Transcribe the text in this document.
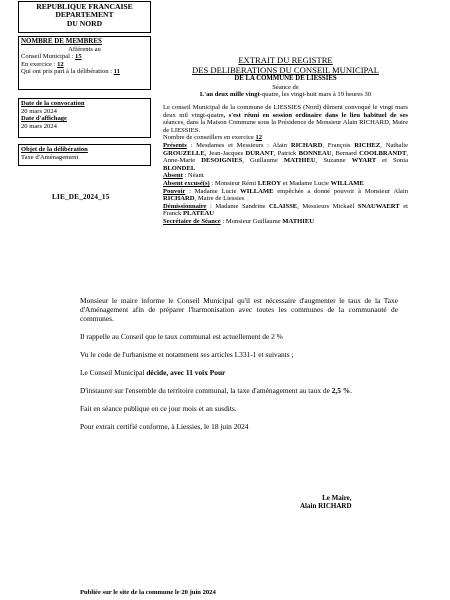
REPUBLIQUE FRANCAISE
DEPARTEMENT
DU NORD
NOMBRE DE MEMBRES
Afférents au
Conseil Municipal : 15
En exercice : 12
Qui ont pris part à la délibération : 11
Date de la convocation
20 mars 2024
Date d'affichage
20 mars 2024
Objet de la délibération
Taxe d'Aménagement
LIE_DE_2024_15
EXTRAIT DU REGISTRE
DES DELIBERATIONS DU CONSEIL MUNICIPAL
DE LA COMMUNE DE LIESSIES
Séance de
L'an deux mille vingt-quatre, les vingt-huit mars à 19 heures 30
Le conseil Municipal de la commune de LIESSIES (Nord) dûment convoqué le vingt mars deux mil vingt-quatre, s'est réuni en session ordinaire dans le lieu habituel de ses séances, dans la Maison Commune sous la Présidence de Monsieur Alain RICHARD, Maire de LIESSIES.
Nombre de conseillers en exercice 12
Présents : Mesdames et Messieurs : Alain RICHARD, François RICHEZ, Nathalie GROUZELLE, Jean-Jacques DURANT, Patrick BONNEAU, Bernard COOLBRANDT, Anne-Marie DESOIGNIES, Guillaume MATHIEU, Suzanne WYART et Sonia BLONDEL
Absent : Néant
Absent excusé(s) : Monsieur Rémi LEROY et Madame Lucie WILLAME
Pouvoir : Madame Lucie WILLAME empêchée a donné pouvoir à Monsieur Alain RICHARD, Maire de Liessies
Démissionnaire : Madame Sandrine CLAISSE, Messieurs Mickaël SNAUWAERT et Franck PLATEAU
Secrétaire de Séance : Monsieur Guillaume MATHIEU

Monsieur le maire informe le Conseil Municipal qu'il est nécessaire d'augmenter le taux de la Taxe d'Aménagement afin de préparer l'harmonisation avec toutes les communes de la communauté de communes.

Il rappelle au Conseil que le taux communal est actuellement de 2 %

Vu le code de l'urbanisme et notamment ses articles L331-1 et suivants ;

Le Conseil Municipal décide, avec 11 voix Pour

D'instaurer sur l'ensemble du territoire communal, la taxe d'aménagement au taux de 2,5 %.

Fait en séance publique en ce jour mois et an susdits.

Pour extrait certifié conforme, à Liessies, le 18 juin 2024

Le Maire,
Alain RICHARD
Publiée sur le site de la commune le 20 juin 2024
